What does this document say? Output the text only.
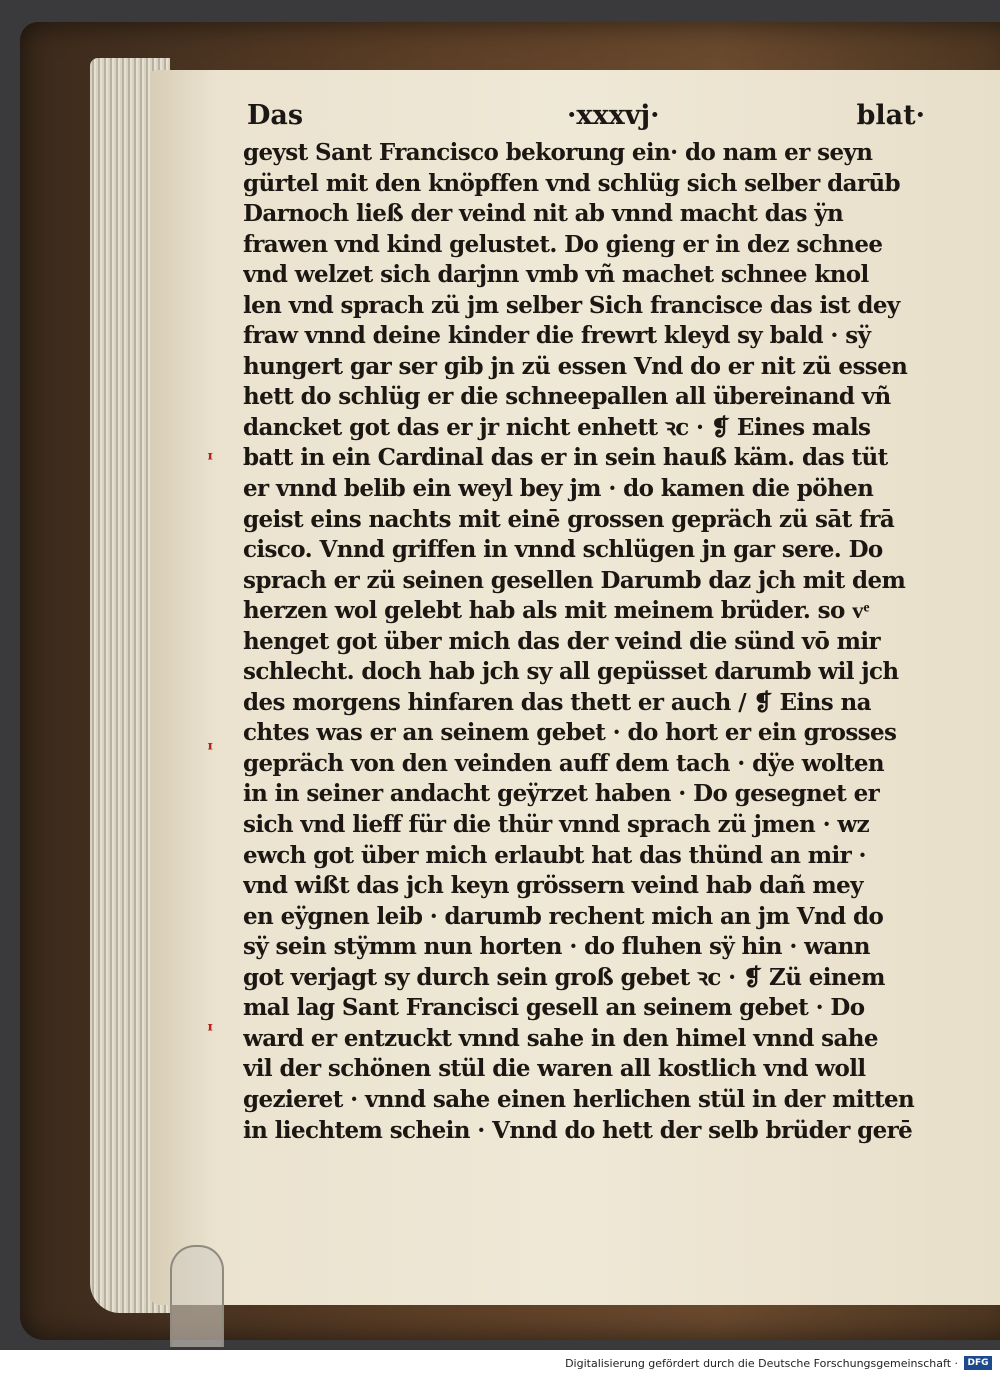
Das	·xxxvj·	blat·
geyst Sant Francisco bekorung ein· do nam er seyn
gürtel mit den knöpffen vnd schlüg sich selber darūb
Darnoch ließ der veind nit ab vnnd macht das ÿn
frawen vnd kind gelustet. Do gieng er in dez schnee
vnd welzet sich darjnn vmb vñ machet schnee knol
len vnd sprach zü jm selber Sich francisce das ist dey
fraw vnnd deine kinder die frewrt kleyd sy bald · sÿ
hungert gar ser gib jn zü essen Vnd do er nit zü essen
hett do schlüg er die schneepallen all übereinand vñ
dancket got das er jr nicht enhett ꝛc · ❡ Eines mals
batt in ein Cardinal das er in sein hauß käm. das tüt
er vnnd belib ein weyl bey jm · do kamen die pöhen
geist eins nachts mit einē grossen gepräch zü sāt frā
cisco. Vnnd griffen in vnnd schlügen jn gar sere. Do
sprach er zü seinen gesellen Darumb daz jch mit dem
herzen wol gelebt hab als mit meinem brüder. so vͤ
henget got über mich das der veind die sünd vō mir
schlecht. doch hab jch sy all gepüsset darumb wil jch
des morgens hinfaren das thett er auch / ❡ Eins na
chtes was er an seinem gebet · do hort er ein grosses
gepräch von den veinden auff dem tach · dÿe wolten
in in seiner andacht geÿrzet haben · Do gesegnet er
sich vnd lieff für die thür vnnd sprach zü jmen · wz
ewch got über mich erlaubt hat das thünd an mir ·
vnd wißt das jch keyn grössern veind hab dañ mey
en eÿgnen leib · darumb rechent mich an jm Vnd do
sÿ sein stÿmm nun horten · do fluhen sÿ hin · wann
got verjagt sy durch sein groß gebet ꝛc · ❡ Zü einem
mal lag Sant Francisci gesell an seinem gebet · Do
ward er entzuckt vnnd sahe in den himel vnnd sahe
vil der schönen stül die waren all kostlich vnd woll
gezieret · vnnd sahe einen herlichen stül in der mitten
in liechtem schein · Vnnd do hett der selb brüder gerē
ᶦ
ᶦ
ᶦ
Digitalisierung gefördert durch die Deutsche Forschungsgemeinschaft ·	DFG
